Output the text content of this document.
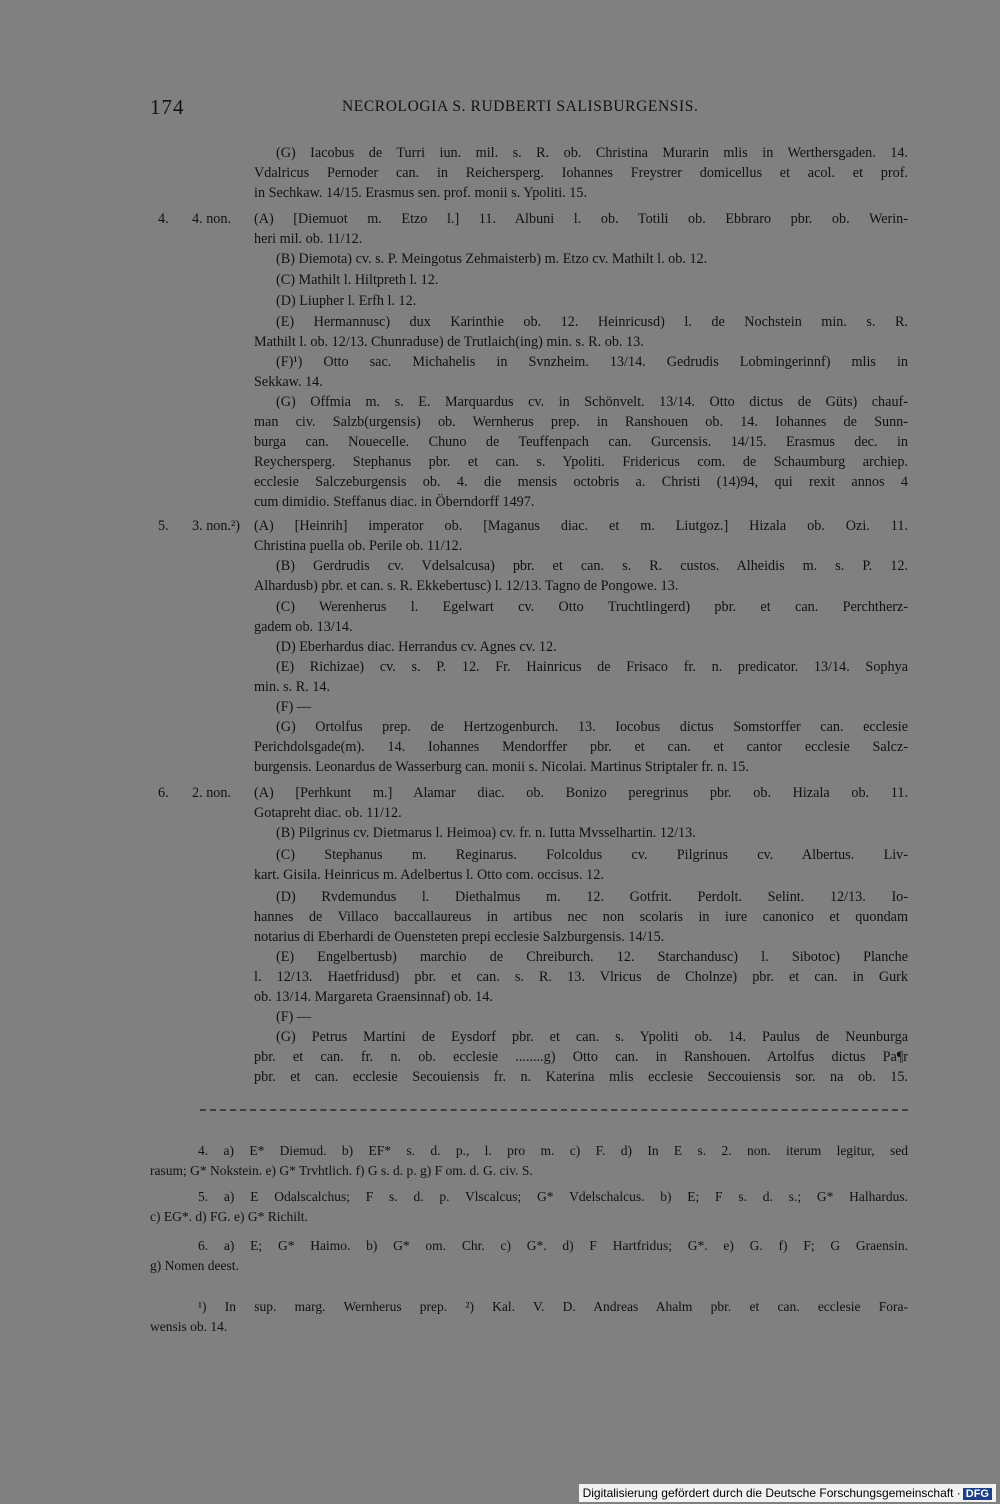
174	NECROLOGIA S. RUDBERTI SALISBURGENSIS.
4. 4. non.
5. 3. non.²)
6. 2. non.
(G) Iacobus de Turri iun. mil. s. R. ob. Christina Murarin mlis in Werthersgaden. 14.
Vdalricus Pernoder can. in Reichersperg. Iohannes Freystrer domicellus et acol. et prof.
in Sechkaw. 14/15. Erasmus sen. prof. monii s. Ypoliti. 15.
(A) [Diemuot m. Etzo l.] 11. Albuni l. ob. Totili ob. Ebbraro pbr. ob. Werin-
heri mil. ob. 11/12.
(B) Diemota) cv. s. P. Meingotus Zehmaisterb) m. Etzo cv. Mathilt l. ob. 12.
(C) Mathilt l. Hiltpreth l. 12.
(D) Liupher l. Erfh l. 12.
(E) Hermannusc) dux Karinthie ob. 12. Heinricusd) l. de Nochstein min. s. R.
Mathilt l. ob. 12/13. Chunraduse) de Trutlaich(ing) min. s. R. ob. 13.
(F)¹) Otto sac. Michahelis in Svnzheim. 13/14. Gedrudis Lobmingerinnf) mlis in
Sekkaw. 14.
(G) Offmia m. s. E. Marquardus cv. in Schönvelt. 13/14. Otto dictus de Güts) chauf-
man civ. Salzb(urgensis) ob. Wernherus prep. in Ranshouen ob. 14. Iohannes de Sunn-
burga can. Nouecelle. Chuno de Teuffenpach can. Gurcensis. 14/15. Erasmus dec. in
Reychersperg. Stephanus pbr. et can. s. Ypoliti. Fridericus com. de Schaumburg archiep.
ecclesie Salczeburgensis ob. 4. die mensis octobris a. Christi (14)94, qui rexit annos 4
cum dimidio. Steffanus diac. in Öberndorff 1497.
(A) [Heinrih] imperator ob. [Maganus diac. et m. Liutgoz.] Hizala ob. Ozi. 11.
Christina puella ob. Perile ob. 11/12.
(B) Gerdrudis cv. Vdelsalcusa) pbr. et can. s. R. custos. Alheidis m. s. P. 12.
Alhardusb) pbr. et can. s. R. Ekkebertusc) l. 12/13. Tagno de Pongowe. 13.
(C) Werenherus l. Egelwart cv. Otto Truchtlingerd) pbr. et can. Perchtherz-
gadem ob. 13/14.
(D) Eberhardus diac. Herrandus cv. Agnes cv. 12.
(E) Richizae) cv. s. P. 12. Fr. Hainricus de Frisaco fr. n. predicator. 13/14. Sophya
min. s. R. 14.
(F) —
(G) Ortolfus prep. de Hertzogenburch. 13. Iocobus dictus Somstorffer can. ecclesie
Perichdolsgade(m). 14. Iohannes Mendorffer pbr. et can. et cantor ecclesie Salcz-
burgensis. Leonardus de Wasserburg can. monii s. Nicolai. Martinus Striptaler fr. n. 15.
(A) [Perhkunt m.] Alamar diac. ob. Bonizo peregrinus pbr. ob. Hizala ob. 11.
Gotapreht diac. ob. 11/12.
(B) Pilgrinus cv. Dietmarus l. Heimoa) cv. fr. n. Iutta Mvsselhartin. 12/13.
(C) Stephanus m. Reginarus. Folcoldus cv. Pilgrinus cv. Albertus. Liv-
kart. Gisila. Heinricus m. Adelbertus l. Otto com. occisus. 12.
(D) Rvdemundus l. Diethalmus m. 12. Gotfrit. Perdolt. Selint. 12/13. Io-
hannes de Villaco baccallaureus in artibus nec non scolaris in iure canonico et quondam
notarius di Eberhardi de Ouensteten prepi ecclesie Salzburgensis. 14/15.
(E) Engelbertusb) marchio de Chreiburch. 12. Starchandusc) l. Sibotoc) Planche
l. 12/13. Haetfridusd) pbr. et can. s. R. 13. Vlricus de Cholnze) pbr. et can. in Gurk
ob. 13/14. Margareta Graensinnaf) ob. 14.
(F) —
(G) Petrus Martini de Eysdorf pbr. et can. s. Ypoliti ob. 14. Paulus de Neunburga
pbr. et can. fr. n. ob. ecclesie ........g) Otto can. in Ranshouen. Artolfus dictus Pa¶r
pbr. et can. ecclesie Secouiensis fr. n. Katerina mlis ecclesie Seccouiensis sor. na ob. 15.
4. a) E* Diemud. b) EF* s. d. p., l. pro m. c) F. d) In E s. 2. non. iterum legitur, sed
rasum; G* Nokstein. e) G* Trvhtlich. f) G s. d. p. g) F om. d. G. civ. S.
5. a) E Odalscalchus; F s. d. p. Vlscalcus; G* Vdelschalcus. b) E; F s. d. s.; G* Halhardus.
c) EG*. d) FG. e) G* Richilt.
6. a) E; G* Haimo. b) G* om. Chr. c) G*. d) F Hartfridus; G*. e) G. f) F; G Graensin.
g) Nomen deest.
¹) In sup. marg. Wernherus prep. ²) Kal. V. D. Andreas Ahalm pbr. et can. ecclesie Fora-
wensis ob. 14.
Digitalisierung gefördert durch die Deutsche Forschungsgemeinschaft · DFG
